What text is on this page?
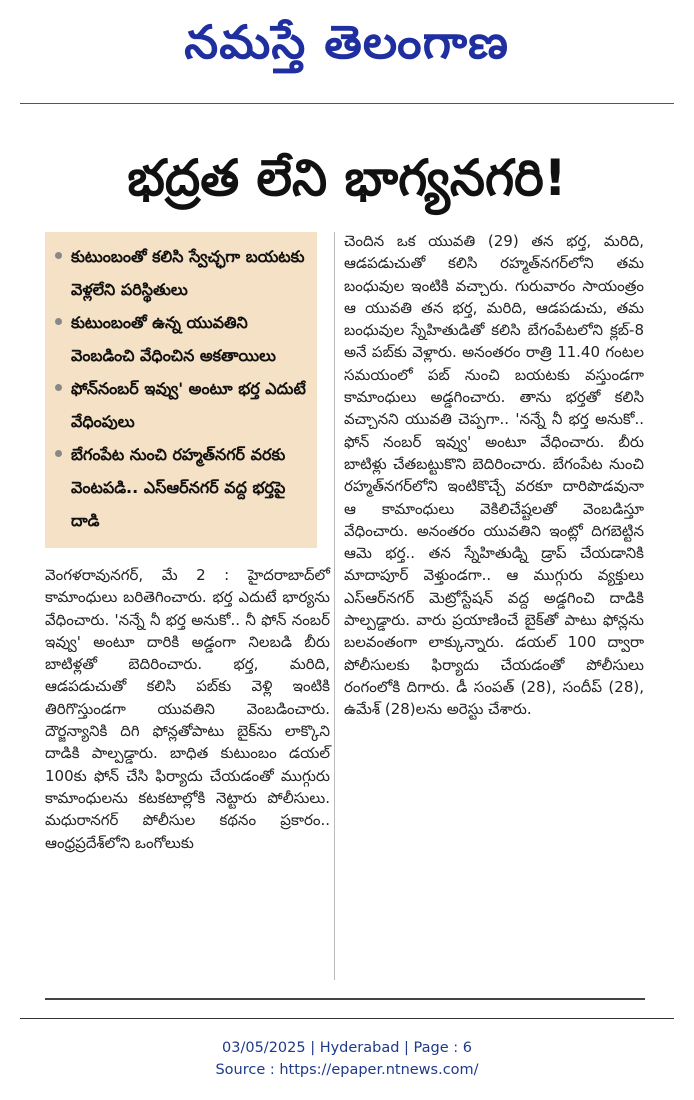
నమస్తే తెలంగాణ
భద్రత లేని భాగ్యనగరి!
కుటుంబంతో కలిసి స్వేచ్ఛగా బయటకు వెళ్లలేని పరిస్థితులు
కుటుంబంతో ఉన్న యువతిని వెంబడించి వేధించిన అకతాయిలు
ఫోన్‌నంబర్ ఇవ్వు' అంటూ భర్త ఎదుటే వేధింపులు
బేగంపేట నుంచి రహ్మత్‌నగర్ వరకు వెంటపడి.. ఎస్ఆర్‌నగర్ వద్ద భర్తపై దాడి

వెంగళరావునగర్, మే 2 : హైదరాబాద్‌లో కామాంధులు బరితెగించారు. భర్త ఎదుటే భార్యను వేధించారు. 'నన్నే నీ భర్త అనుకో.. నీ ఫోన్ నంబర్ ఇవ్వు' అంటూ దారికి అడ్డంగా నిలబడి బీరు బాటిళ్లతో బెదిరించారు. భర్త, మరిది, ఆడపడుచుతో కలిసి పబ్‌కు వెళ్లి ఇంటికి తిరిగొస్తుండగా యువతిని వెంబడించారు. దౌర్జన్యానికి దిగి ఫోన్లతోపాటు బైక్‌ను లాక్కొని దాడికి పాల్పడ్డారు. బాధిత కుటుంబం డయల్ 100కు ఫోన్ చేసి ఫిర్యాదు చేయడంతో ముగ్గురు కామాంధులను కటకటాల్లోకి నెట్టారు పోలీసులు. మధురానగర్ పోలీసుల కథనం ప్రకారం.. ఆంధ్రప్రదేశ్‌లోని ఒంగోలుకు

చెందిన ఒక యువతి (29) తన భర్త, మరిది, ఆడపడుచుతో కలిసి రహ్మత్‌నగర్‌లోని తమ బంధువుల ఇంటికి వచ్చారు. గురువారం సాయంత్రం ఆ యువతి తన భర్త, మరిది, ఆడపడుచు, తమ బంధువుల స్నేహితుడితో కలిసి బేగంపేటలోని క్లబ్-8 అనే పబ్‌కు వెళ్లారు. అనంతరం రాత్రి 11.40 గంటల సమయంలో పబ్ నుంచి బయటకు వస్తుండగా కామాంధులు అడ్డగించారు. తాను భర్తతో కలిసి వచ్చానని యువతి చెప్పగా.. 'నన్నే నీ భర్త అనుకో.. ఫోన్ నంబర్ ఇవ్వు' అంటూ వేధించారు. బీరు బాటిళ్లు చేతబట్టుకొని బెదిరించారు. బేగంపేట నుంచి రహ్మత్‌నగర్‌లోని ఇంటికొచ్చే వరకూ దారిపొడవునా ఆ కామాంధులు వెకిలిచేష్టలతో వెంబడిస్తూ వేధించారు. అనంతరం యువతిని ఇంట్లో దిగబెట్టిన ఆమె భర్త.. తన స్నేహితుడ్ని డ్రాప్ చేయడానికి మాదాపూర్ వెళ్తుండగా.. ఆ ముగ్గురు వ్యక్తులు ఎస్ఆర్‌నగర్ మెట్రోస్టేషన్ వద్ద అడ్డగించి దాడికి పాల్పడ్డారు. వారు ప్రయాణించే బైక్‌తో పాటు ఫోన్లను బలవంతంగా లాక్కున్నారు. డయల్ 100 ద్వారా పోలీసులకు ఫిర్యాదు చేయడంతో పోలీసులు రంగంలోకి దిగారు. డీ సంపత్ (28), సందీప్ (28), ఉమేశ్ (28)లను అరెస్టు చేశారు.

03/05/2025 | Hyderabad | Page : 6
Source : https://epaper.ntnews.com/
